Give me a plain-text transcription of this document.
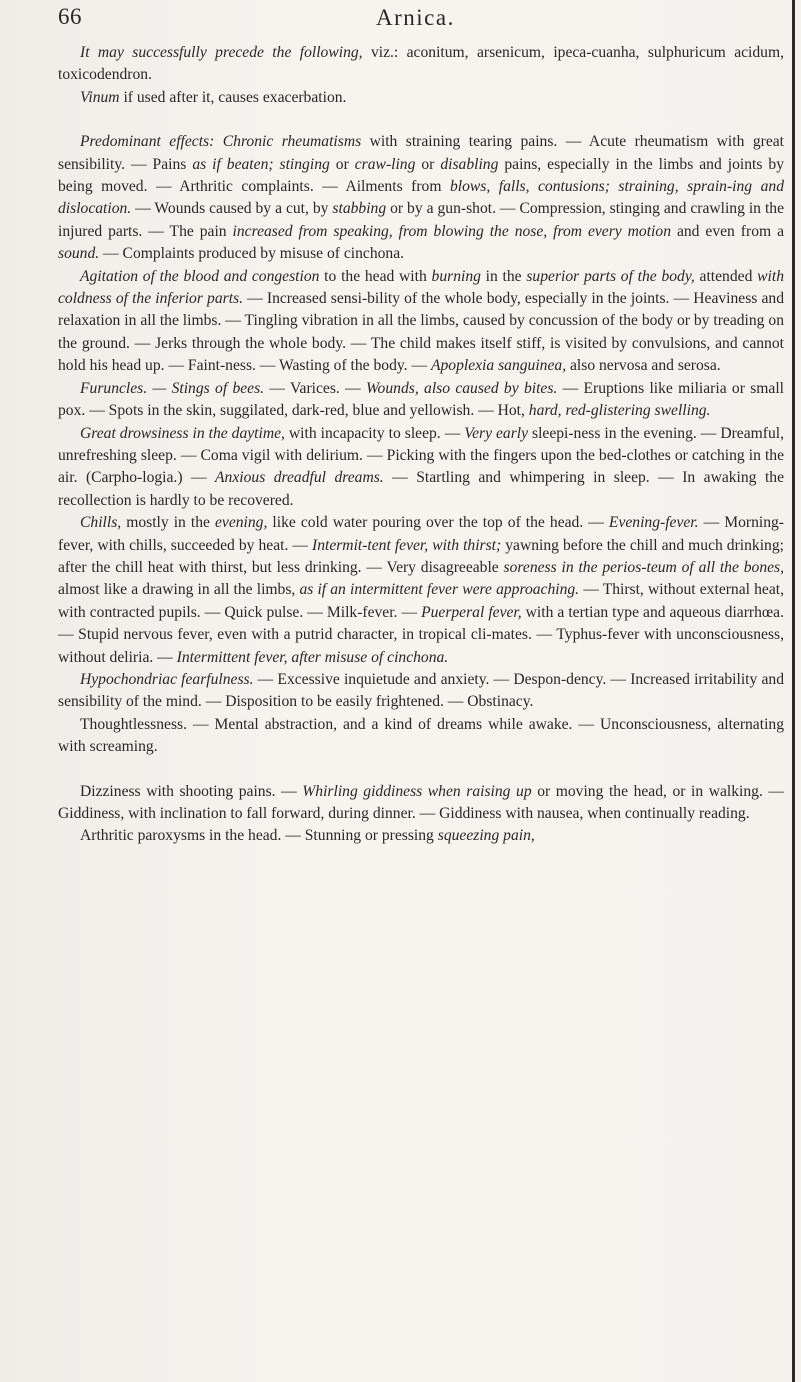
66	Arnica.

It may successfully precede the following, viz.: aconitum, arsenicum, ipeca-cuanha, sulphuricum acidum, toxicodendron.

Vinum if used after it, causes exacerbation.

Predominant effects: Chronic rheumatisms with straining tearing pains. — Acute rheumatism with great sensibility. — Pains as if beaten; stinging or craw-ling or disabling pains, especially in the limbs and joints by being moved. — Arthritic complaints. — Ailments from blows, falls, contusions; straining, sprain-ing and dislocation. — Wounds caused by a cut, by stabbing or by a gun-shot. — Compression, stinging and crawling in the injured parts. — The pain increased from speaking, from blowing the nose, from every motion and even from a sound. — Complaints produced by misuse of cinchona.

Agitation of the blood and congestion to the head with burning in the superior parts of the body, attended with coldness of the inferior parts. — Increased sensi-bility of the whole body, especially in the joints. — Heaviness and relaxation in all the limbs. — Tingling vibration in all the limbs, caused by concussion of the body or by treading on the ground. — Jerks through the whole body. — The child makes itself stiff, is visited by convulsions, and cannot hold his head up. — Faint-ness. — Wasting of the body. — Apoplexia sanguinea, also nervosa and serosa.

Furuncles. — Stings of bees. — Varices. — Wounds, also caused by bites. — Eruptions like miliaria or small pox. — Spots in the skin, suggilated, dark-red, blue and yellowish. — Hot, hard, red-glistering swelling.

Great drowsiness in the daytime, with incapacity to sleep. — Very early sleepi-ness in the evening. — Dreamful, unrefreshing sleep. — Coma vigil with delirium. — Picking with the fingers upon the bed-clothes or catching in the air. (Carpho-logia.) — Anxious dreadful dreams. — Startling and whimpering in sleep. — In awaking the recollection is hardly to be recovered.

Chills, mostly in the evening, like cold water pouring over the top of the head. — Evening-fever. — Morning-fever, with chills, succeeded by heat. — Intermit-tent fever, with thirst; yawning before the chill and much drinking; after the chill heat with thirst, but less drinking. — Very disagreeable soreness in the perios-teum of all the bones, almost like a drawing in all the limbs, as if an intermittent fever were approaching. — Thirst, without external heat, with contracted pupils. — Quick pulse. — Milk-fever. — Puerperal fever, with a tertian type and aqueous diarrhœa. — Stupid nervous fever, even with a putrid character, in tropical cli-mates. — Typhus-fever with unconsciousness, without deliria. — Intermittent fever, after misuse of cinchona.

Hypochondriac fearfulness. — Excessive inquietude and anxiety. — Despon-dency. — Increased irritability and sensibility of the mind. — Disposition to be easily frightened. — Obstinacy.

Thoughtlessness. — Mental abstraction, and a kind of dreams while awake. — Unconsciousness, alternating with screaming.

Dizziness with shooting pains. — Whirling giddiness when raising up or moving the head, or in walking. — Giddiness, with inclination to fall forward, during dinner. — Giddiness with nausea, when continually reading.

Arthritic paroxysms in the head. — Stunning or pressing squeezing pain,
